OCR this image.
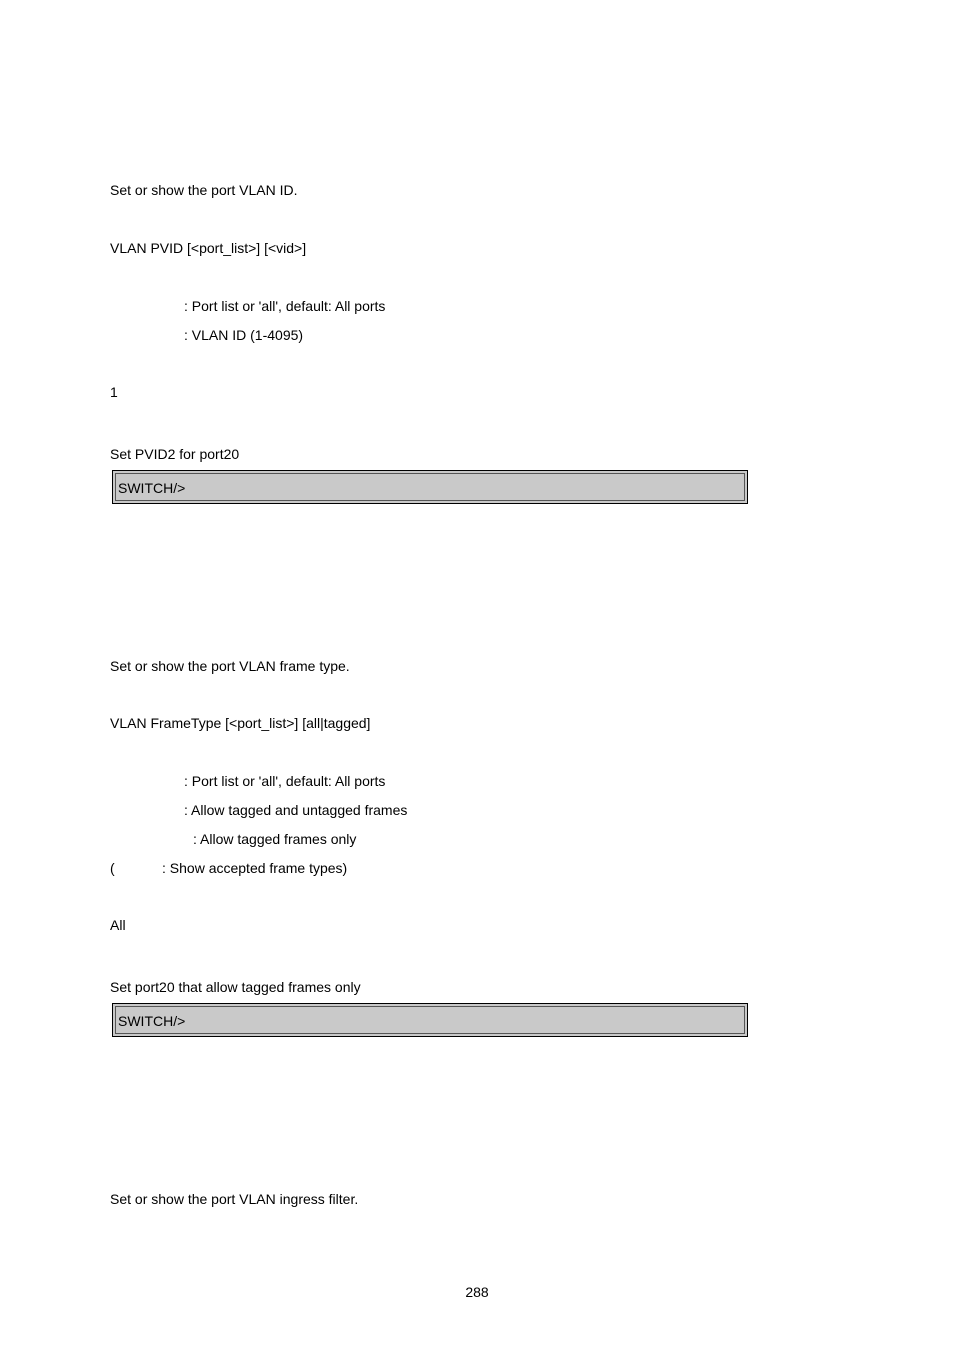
Set or show the port VLAN ID.
VLAN PVID [<port_list>] [<vid>]
: Port list or 'all', default: All ports
: VLAN ID (1-4095)
1
Set PVID2 for port20
SWITCH/>
Set or show the port VLAN frame type.
VLAN FrameType [<port_list>] [all|tagged]
: Port list or 'all', default: All ports
: Allow tagged and untagged frames
: Allow tagged frames only
(	: Show accepted frame types)
All
Set port20 that allow tagged frames only
SWITCH/>
Set or show the port VLAN ingress filter.
288
